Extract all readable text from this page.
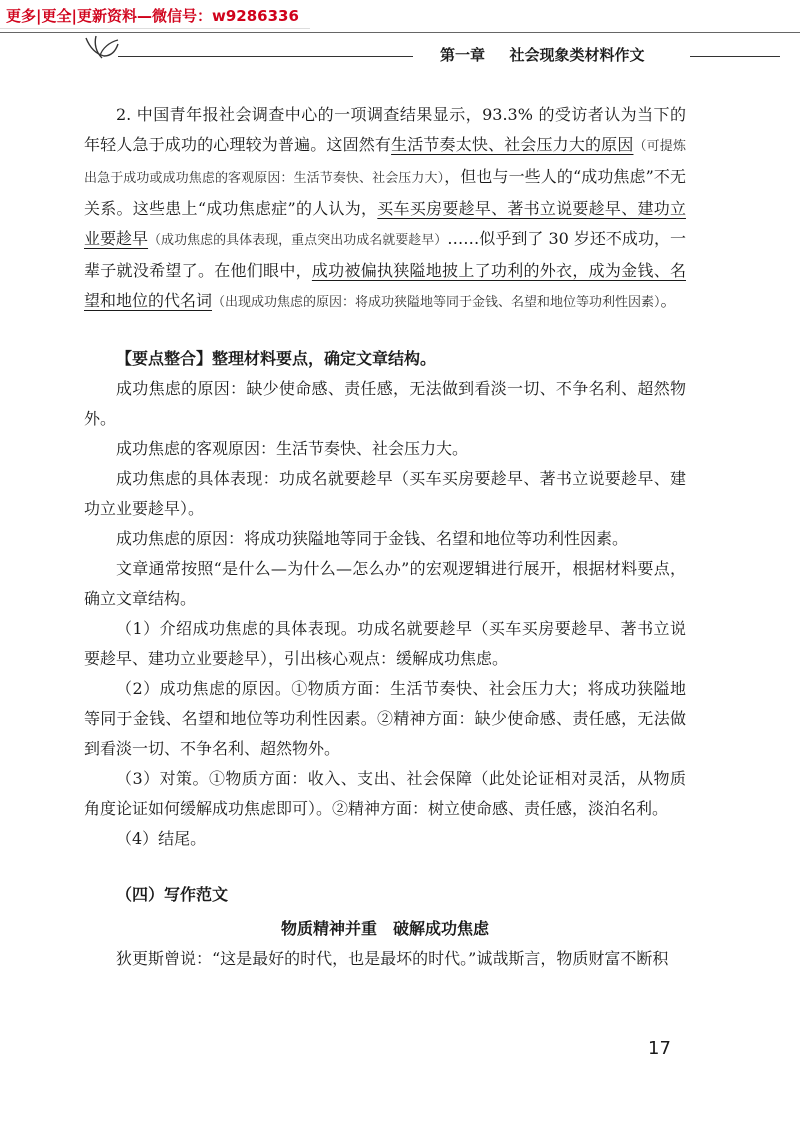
更多|更全|更新资料—微信号：w9286336
第一章 社会现象类材料作文

2. 中国青年报社会调查中心的一项调查结果显示，93.3% 的受访者认为当下的年轻人急于成功的心理较为普遍。这固然有生活节奏太快、社会压力大的原因（可提炼出急于成功或成功焦虑的客观原因：生活节奏快、社会压力大），但也与一些人的“成功焦虑”不无关系。这些患上“成功焦虑症”的人认为，买车买房要趁早、著书立说要趁早、建功立业要趁早（成功焦虑的具体表现，重点突出功成名就要趁早）……似乎到了 30 岁还不成功，一辈子就没希望了。在他们眼中，成功被偏执狭隘地披上了功利的外衣，成为金钱、名望和地位的代名词（出现成功焦虑的原因：将成功狭隘地等同于金钱、名望和地位等功利性因素）。

【要点整合】整理材料要点，确定文章结构。

成功焦虑的原因：缺少使命感、责任感，无法做到看淡一切、不争名利、超然物外。

成功焦虑的客观原因：生活节奏快、社会压力大。

成功焦虑的具体表现：功成名就要趁早（买车买房要趁早、著书立说要趁早、建功立业要趁早）。

成功焦虑的原因：将成功狭隘地等同于金钱、名望和地位等功利性因素。

文章通常按照“是什么—为什么—怎么办”的宏观逻辑进行展开，根据材料要点，确立文章结构。

（1）介绍成功焦虑的具体表现。功成名就要趁早（买车买房要趁早、著书立说要趁早、建功立业要趁早），引出核心观点：缓解成功焦虑。

（2）成功焦虑的原因。①物质方面：生活节奏快、社会压力大；将成功狭隘地等同于金钱、名望和地位等功利性因素。②精神方面：缺少使命感、责任感，无法做到看淡一切、不争名利、超然物外。

（3）对策。①物质方面：收入、支出、社会保障（此处论证相对灵活，从物质角度论证如何缓解成功焦虑即可）。②精神方面：树立使命感、责任感，淡泊名利。

（4）结尾。

（四）写作范文

物质精神并重　破解成功焦虑

狄更斯曾说：“这是最好的时代，也是最坏的时代。”诚哉斯言，物质财富不断积

17
